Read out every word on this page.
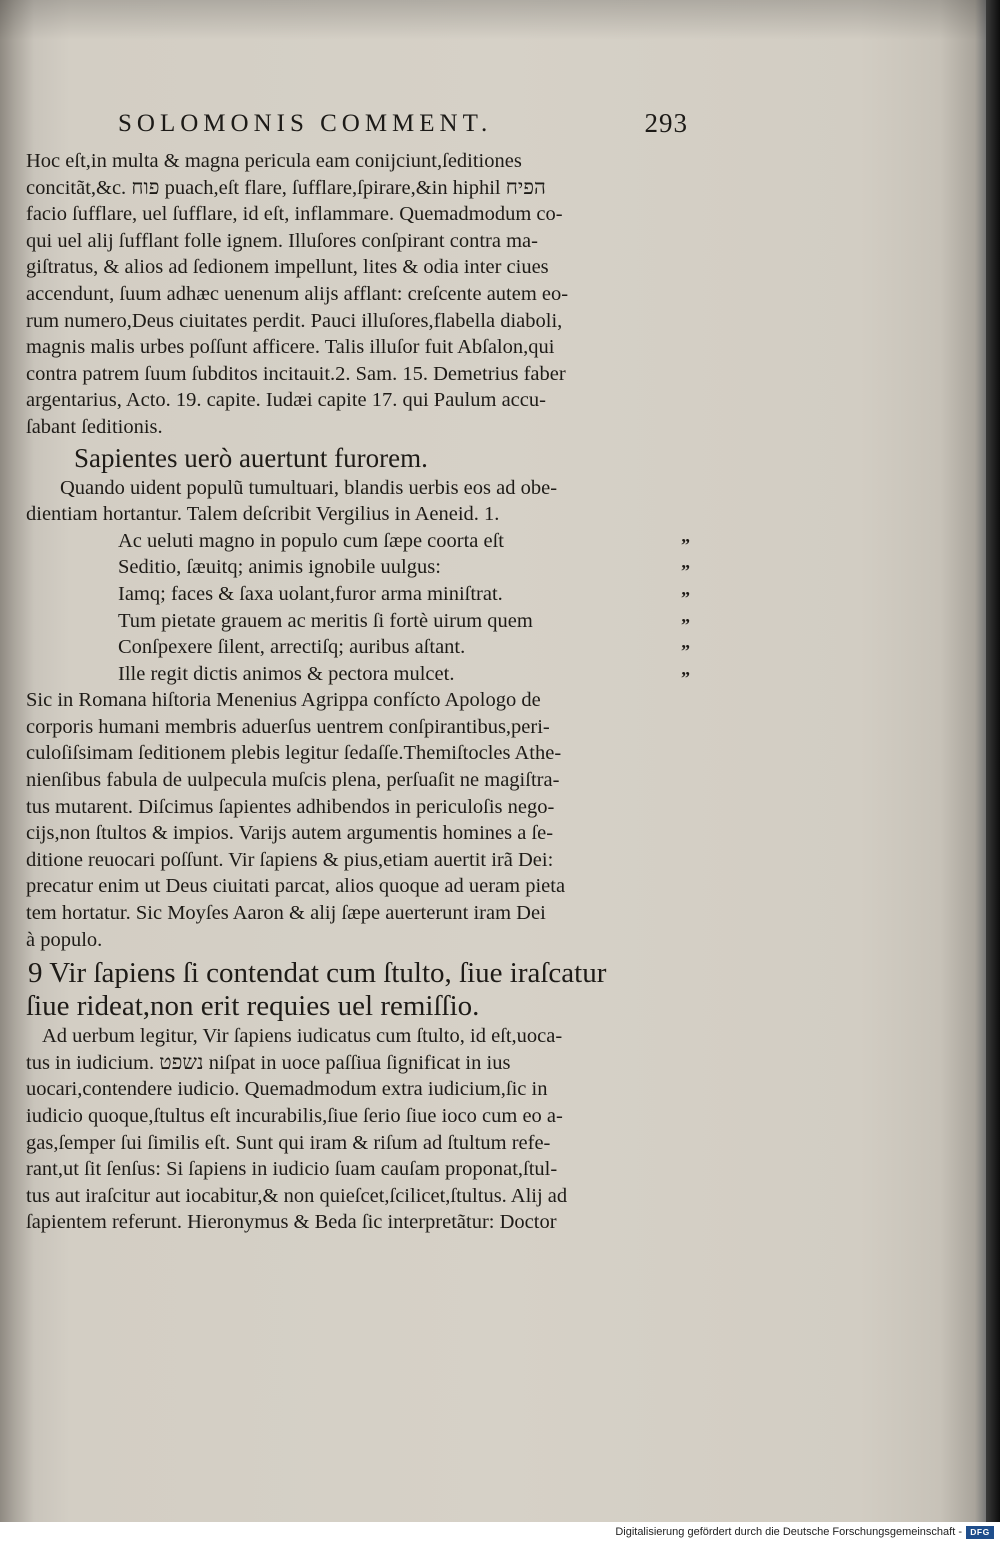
SOLOMONIS COMMENT.	293
Hoc eſt,in multa & magna pericula eam conijciunt,ſeditiones
concitãt,&c. פוח puach,eſt flare, ſufflare,ſpirare,&in hiphil הפיח
facio ſufflare, uel ſufflare, id eſt, inflammare. Quemadmodum co-
qui uel alij ſufflant folle ignem. Illuſores conſpirant contra ma-
giſtratus, & alios ad ſedionem impellunt, lites & odia inter ciues
accendunt, ſuum adhæc uenenum alijs afflant: creſcente autem eo-
rum numero,Deus ciuitates perdit. Pauci illuſores,flabella diaboli,
magnis malis urbes poſſunt afficere. Talis illuſor fuit Abſalon,qui
contra patrem ſuum ſubditos incitauit.2. Sam. 15. Demetrius faber
argentarius, Acto. 19. capite. Iudæi capite 17. qui Paulum accu-
ſabant ſeditionis.
Sapientes uerò auertunt furorem.
Quando uident populũ tumultuari, blandis uerbis eos ad obe-
dientiam hortantur. Talem deſcribit Vergilius in Aeneid. 1.
Ac ueluti magno in populo cum ſæpe coorta eſt	”
Seditio, ſæuitq; animis ignobile uulgus:	”
Iamq; faces & ſaxa uolant,furor arma miniſtrat.	”
Tum pietate grauem ac meritis ſi fortè uirum quem	”
Conſpexere ſilent, arrectiſq; auribus aſtant.	”
Ille regit dictis animos & pectora mulcet.	”
Sic in Romana hiſtoria Menenius Agrippa confícto Apologo de
corporis humani membris aduerſus uentrem conſpirantibus,peri-
culoſiſsimam ſeditionem plebis legitur ſedaſſe.Themiſtocles Athe-
nienſibus fabula de uulpecula muſcis plena, perſuaſit ne magiſtra-
tus mutarent. Diſcimus ſapientes adhibendos in periculoſis nego-
cijs,non ſtultos & impios. Varijs autem argumentis homines a ſe-
ditione reuocari poſſunt. Vir ſapiens & pius,etiam auertit irã Dei:
precatur enim ut Deus ciuitati parcat, alios quoque ad ueram pieta
tem hortatur. Sic Moyſes Aaron & alij ſæpe auerterunt iram Dei
à populo.
9 Vir ſapiens ſi contendat cum ſtulto, ſiue iraſcatur
ſiue rideat,non erit requies uel remiſſio.
Ad uerbum legitur, Vir ſapiens iudicatus cum ſtulto, id eſt,uoca-
tus in iudicium. נשפט niſpat in uoce paſſiua ſignificat in ius
uocari,contendere iudicio. Quemadmodum extra iudicium,ſic in
iudicio quoque,ſtultus eſt incurabilis,ſiue ſerio ſiue ioco cum eo a-
gas,ſemper ſui ſimilis eſt. Sunt qui iram & riſum ad ſtultum refe-
rant,ut ſit ſenſus: Si ſapiens in iudicio ſuam cauſam proponat,ſtul-
tus aut iraſcitur aut iocabitur,& non quieſcet,ſcilicet,ſtultus. Alij ad
ſapientem referunt. Hieronymus & Beda ſic interpretãtur: Doctor
Digitalisierung gefördert durch die Deutsche Forschungsgemeinschaft - DFG
